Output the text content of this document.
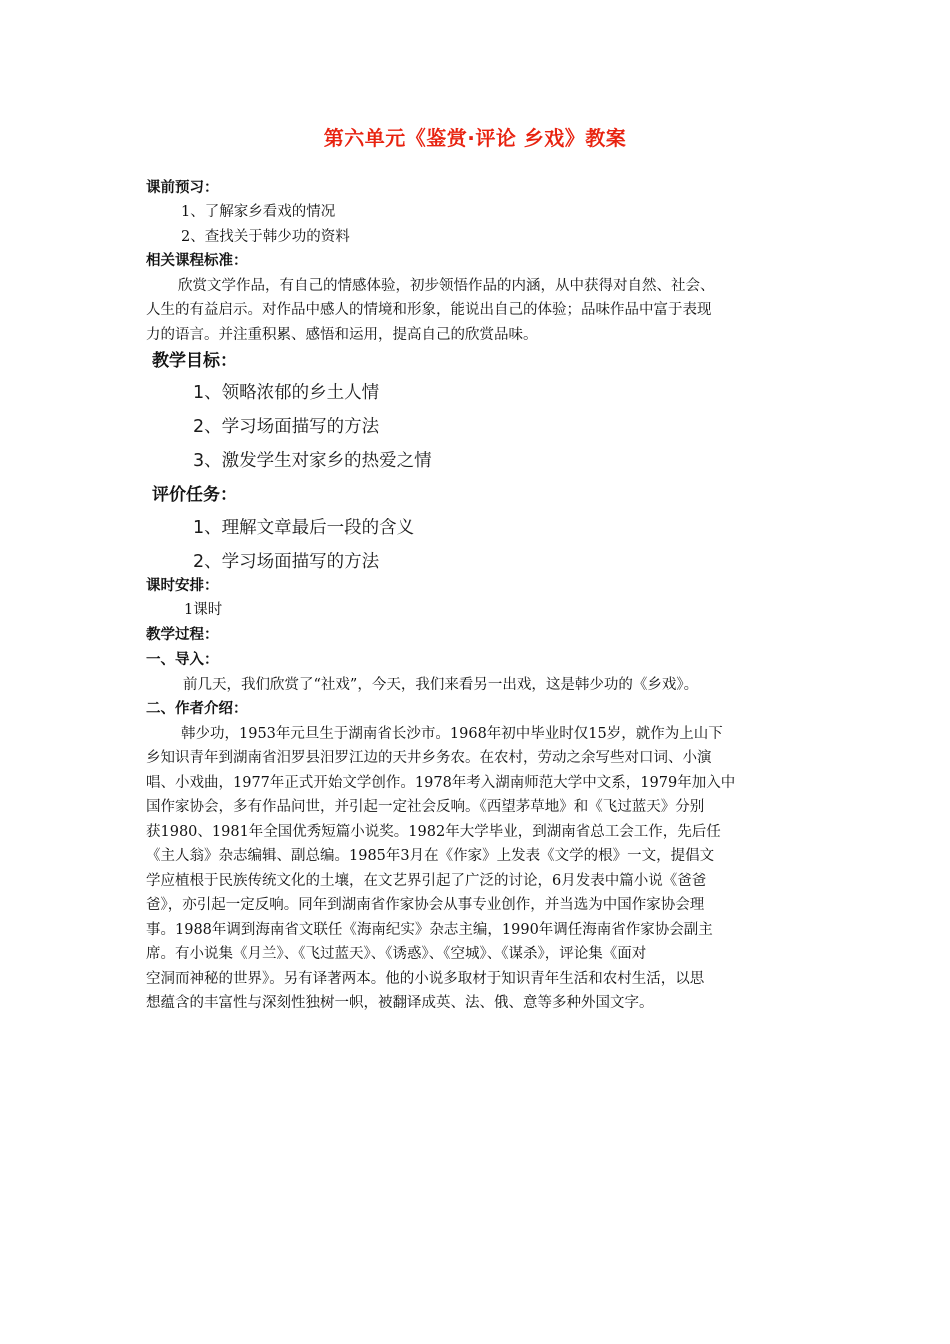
第六单元《鉴赏·评论 乡戏》教案

课前预习：

1、了解家乡看戏的情况

2、查找关于韩少功的资料

相关课程标准：

欣赏文学作品，有自己的情感体验，初步领悟作品的内涵，从中获得对自然、社会、

人生的有益启示。对作品中感人的情境和形象，能说出自己的体验；品味作品中富于表现

力的语言。并注重积累、感悟和运用，提高自己的欣赏品味。

教学目标：

1、领略浓郁的乡土人情

2、学习场面描写的方法

3、激发学生对家乡的热爱之情

评价任务：

1、理解文章最后一段的含义

2、学习场面描写的方法

课时安排：

1课时

教学过程：

一、导入：

前几天，我们欣赏了“社戏”，今天，我们来看另一出戏，这是韩少功的《乡戏》。

二、作者介绍：

韩少功，1953年元旦生于湖南省长沙市。1968年初中毕业时仅15岁，就作为上山下

乡知识青年到湖南省汨罗县汨罗江边的天井乡务农。在农村，劳动之余写些对口词、小演

唱、小戏曲，1977年正式开始文学创作。1978年考入湖南师范大学中文系，1979年加入中

国作家协会，多有作品问世，并引起一定社会反响。《西望茅草地》和《飞过蓝天》分别

获1980、1981年全国优秀短篇小说奖。1982年大学毕业，到湖南省总工会工作，先后任

《主人翁》杂志编辑、副总编。1985年3月在《作家》上发表《文学的根》一文，提倡文

学应植根于民族传统文化的土壤，在文艺界引起了广泛的讨论，6月发表中篇小说《爸爸

爸》，亦引起一定反响。同年到湖南省作家协会从事专业创作，并当选为中国作家协会理

事。1988年调到海南省文联任《海南纪实》杂志主编，1990年调任海南省作家协会副主

席。有小说集《月兰》、《飞过蓝天》、《诱惑》、《空城》、《谋杀》，评论集《面对

空洞而神秘的世界》。另有译著两本。他的小说多取材于知识青年生活和农村生活，以思

想蕴含的丰富性与深刻性独树一帜，被翻译成英、法、俄、意等多种外国文字。
